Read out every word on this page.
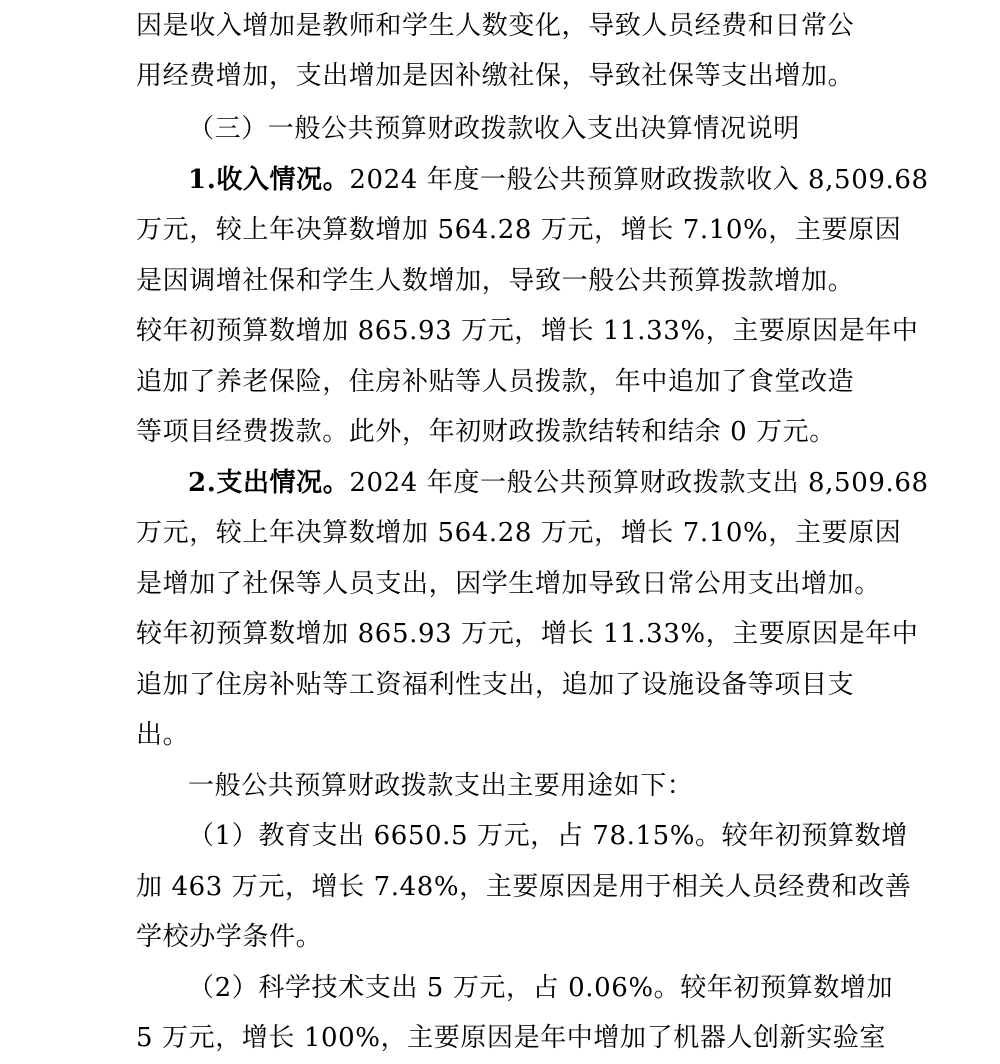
因是收入增加是教师和学生人数变化，导致人员经费和日常公
用经费增加，支出增加是因补缴社保，导致社保等支出增加。
（三）一般公共预算财政拨款收入支出决算情况说明
1.收入情况。2024 年度一般公共预算财政拨款收入 8,509.68
万元，较上年决算数增加 564.28 万元，增长 7.10%，主要原因
是因调增社保和学生人数增加，导致一般公共预算拨款增加。
较年初预算数增加 865.93 万元，增长 11.33%，主要原因是年中
追加了养老保险，住房补贴等人员拨款，年中追加了食堂改造
等项目经费拨款。此外，年初财政拨款结转和结余 0 万元。
2.支出情况。2024 年度一般公共预算财政拨款支出 8,509.68
万元，较上年决算数增加 564.28 万元，增长 7.10%，主要原因
是增加了社保等人员支出，因学生增加导致日常公用支出增加。
较年初预算数增加 865.93 万元，增长 11.33%，主要原因是年中
追加了住房补贴等工资福利性支出，追加了设施设备等项目支
出。
一般公共预算财政拨款支出主要用途如下：
（1）教育支出 6650.5 万元，占 78.15%。较年初预算数增
加 463 万元，增长 7.48%，主要原因是用于相关人员经费和改善
学校办学条件。
（2）科学技术支出 5 万元，占 0.06%。较年初预算数增加
5 万元，增长 100%，主要原因是年中增加了机器人创新实验室
